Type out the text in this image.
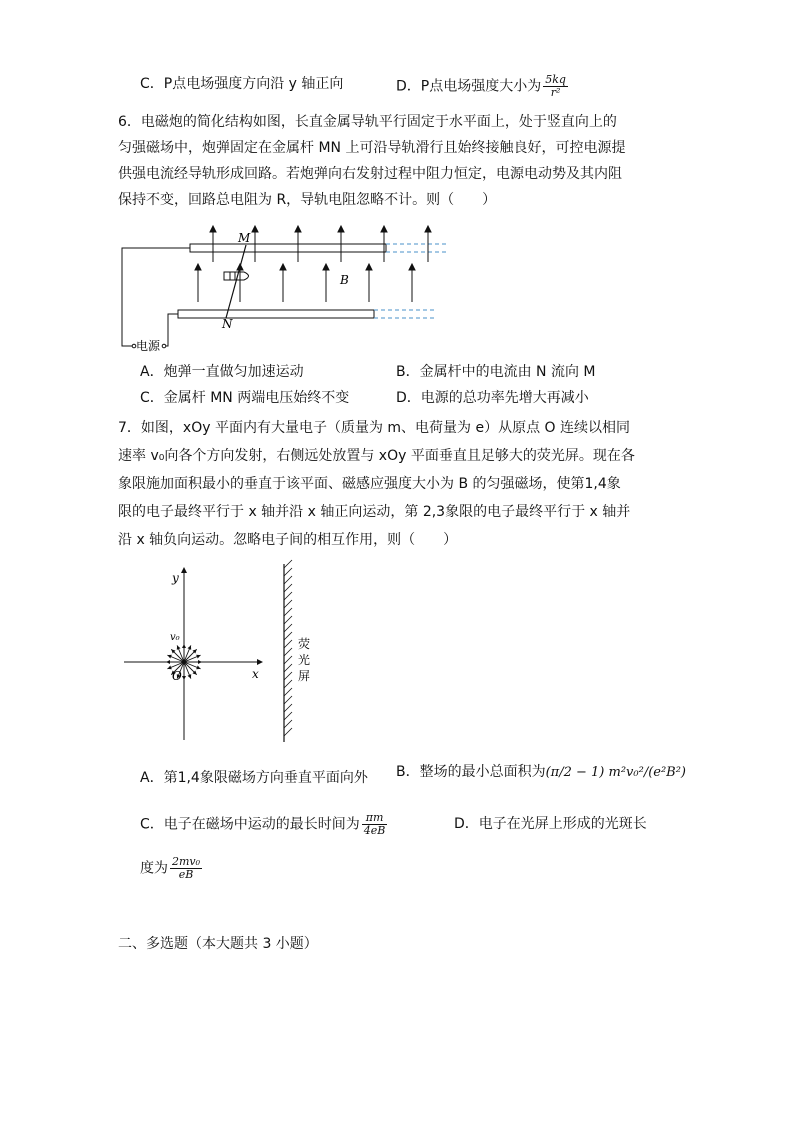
C．P点电场强度方向沿 y 轴正向	D．P点电场强度大小为 $\frac{5kq}{\text{r²}}$
6．电磁炮的简化结构如图，长直金属导轨平行固定于水平面上，处于竖直向上的
匀强磁场中，炮弹固定在金属杆 MN 上可沿导轨滑行且始终接触良好，可控电源提
供强电流经导轨形成回路。若炮弹向右发射过程中阻力恒定，电源电动势及其内阻
保持不变，回路总电阻为 R，导轨电阻忽略不计。则（　　）
M
N
B
电源
A．炮弹一直做匀加速运动	B．金属杆中的电流由 N 流向 M
C．金属杆 MN 两端电压始终不变	D．电源的总功率先增大再减小
7．如图，xOy 平面内有大量电子（质量为 m、电荷量为 e）从原点 O 连续以相同
速率 v₀向各个方向发射，右侧远处放置与 xOy 平面垂直且足够大的荧光屏。现在各
象限施加面积最小的垂直于该平面、磁感应强度大小为 B 的匀强磁场，使第1,4象
限的电子最终平行于 x 轴并沿 x 轴正向运动，第 2,3象限的电子最终平行于 x 轴并
沿 x 轴负向运动。忽略电子间的相互作用，则（　　）
y
x
O
v₀	荧光屏
A．第1,4象限磁场方向垂直平面向外 B．整场的最小总面积为(π/2 − 1) m²v₀²/(e²B²)
C．电子在磁场中运动的最长时间为 $\frac{\pi m}{4eB}$	D．电子在光屏上形成的光斑长
度为 $\frac{\text{2mv₀}}{eB}$
二、多选题（本大题共 3 小题）
